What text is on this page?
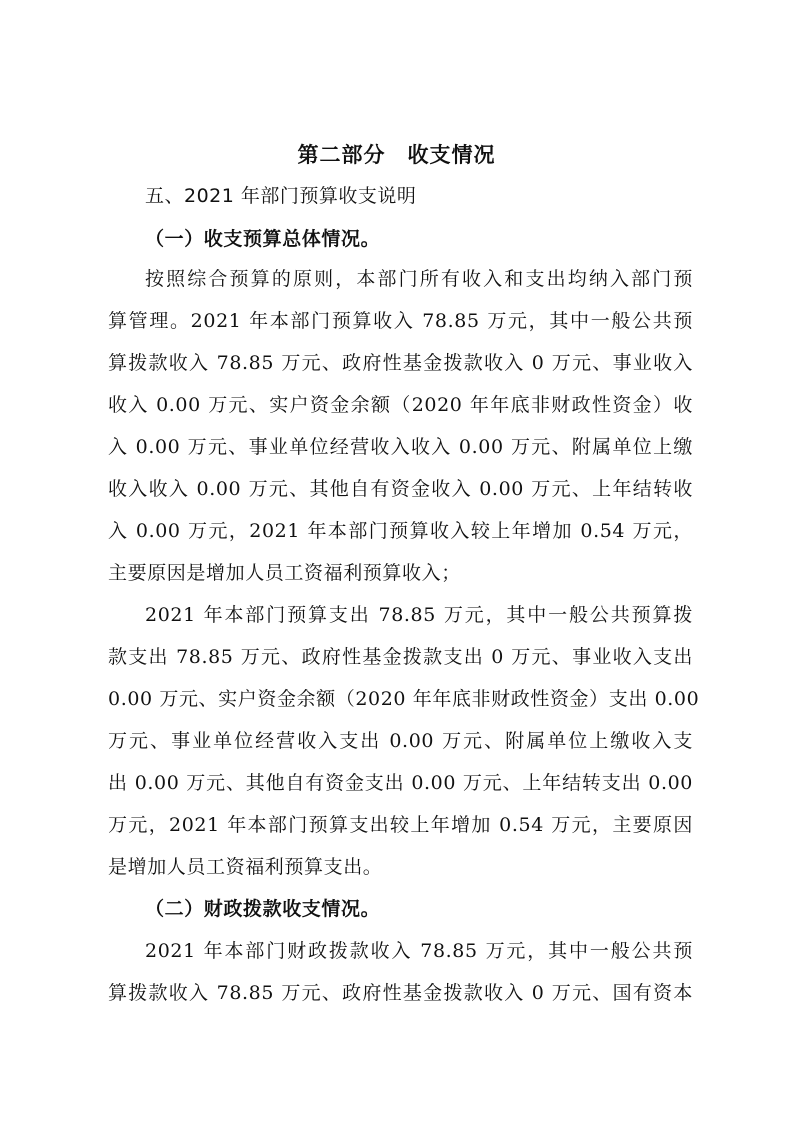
第二部分　收支情况
五、2021 年部门预算收支说明
（一）收支预算总体情况。
按照综合预算的原则，本部门所有收入和支出均纳入部门预
算管理。2021 年本部门预算收入 78.85 万元，其中一般公共预
算拨款收入 78.85 万元、政府性基金拨款收入 0 万元、事业收入
收入 0.00 万元、实户资金余额（2020 年年底非财政性资金）收
入 0.00 万元、事业单位经营收入收入 0.00 万元、附属单位上缴
收入收入 0.00 万元、其他自有资金收入 0.00 万元、上年结转收
入 0.00 万元，2021 年本部门预算收入较上年增加 0.54 万元，
主要原因是增加人员工资福利预算收入；
2021 年本部门预算支出 78.85 万元，其中一般公共预算拨
款支出 78.85 万元、政府性基金拨款支出 0 万元、事业收入支出
0.00 万元、实户资金余额（2020 年年底非财政性资金）支出 0.00
万元、事业单位经营收入支出 0.00 万元、附属单位上缴收入支
出 0.00 万元、其他自有资金支出 0.00 万元、上年结转支出 0.00
万元，2021 年本部门预算支出较上年增加 0.54 万元，主要原因
是增加人员工资福利预算支出。
（二）财政拨款收支情况。
2021 年本部门财政拨款收入 78.85 万元，其中一般公共预
算拨款收入 78.85 万元、政府性基金拨款收入 0 万元、国有资本
